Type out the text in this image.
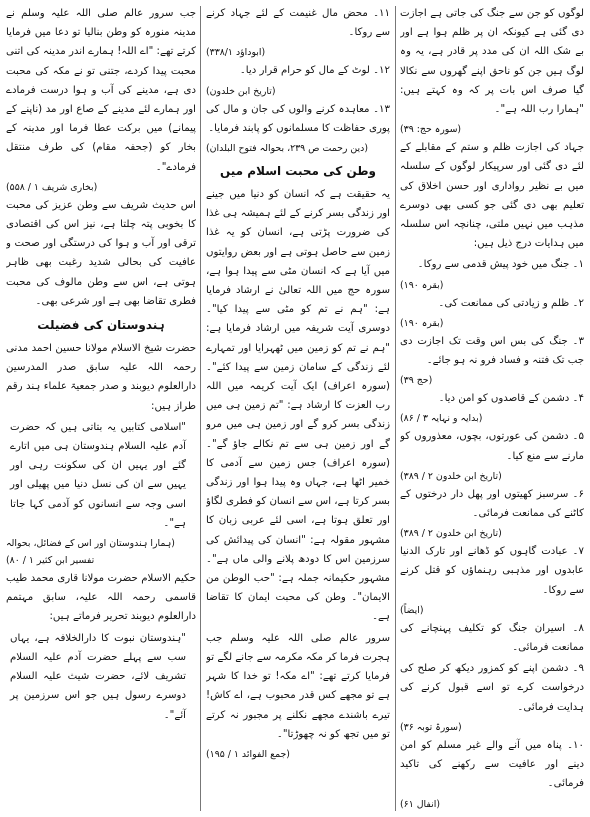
لوگوں کو جن سے جنگ کی جاتی ہے اجازت دی گئی ہے کیونکہ ان پر ظلم ہوا ہے اور بے شک اللہ ان کی مدد پر قادر ہے، یہ وہ لوگ ہیں جن کو ناحق اپنے گھروں سے نکالا گیا صرف اس بات پر کہ وہ کہتے ہیں: "ہمارا رب اللہ ہے"۔

(سورہ حج: ۳۹)

جہاد کی اجازت ظلم و ستم کے مقابلے کے لئے دی گئی اور سرپیکار لوگوں کے سلسلہ میں بے نظیر رواداری اور حسن اخلاق کی تعلیم بھی دی گئی جو کسی بھی دوسرے مذہب میں نہیں ملتی، چنانچہ اس سلسلہ میں ہدایات درج ذیل ہیں:

۱۔ جنگ میں خود پیش قدمی سے روکا۔

(بقرہ ۱۹۰)

۲۔ ظلم و زیادتی کی ممانعت کی۔

(بقرہ ۱۹۰)

۳۔ جنگ کی بس اس وقت تک اجازت دی جب تک فتنہ و فساد فرو نہ ہو جائے۔

(حج ۳۹)

۴۔ دشمن کے قاصدوں کو امن دیا۔

(بدایہ و نہایہ ۳ / ۸۶)

۵۔ دشمن کی عورتوں، بچوں، معذوروں کو مارنے سے منع کیا۔

(تاریخ ابن خلدون ۲ / ۳۸۹)

۶۔ سرسبز کھیتوں اور پھل دار درختوں کے کاٹنے کی ممانعت فرمائی۔

(تاریخ ابن خلدون ۲ / ۳۸۹)

۷۔ عبادت گاہوں کو ڈھانے اور تارک الدنیا عابدوں اور مذہبی رہنماؤں کو قتل کرنے سے روکا۔

(ایضاً)

۸۔ اسیران جنگ کو تکلیف پہنچانے کی ممانعت فرمائی۔

۹۔ دشمن اپنے کو کمزور دیکھ کر صلح کی درخواست کرے تو اسے قبول کرنے کی ہدایت فرمائی۔

(سورۃ توبہ ۳۶)

۱۰۔ پناہ میں آنے والے غیر مسلم کو امن دینے اور عافیت سے رکھنے کی تاکید فرمائی۔

(انفال ۶۱)

۱۱۔ محض مال غنیمت کے لئے جہاد کرنے سے روکا۔

(ابوداؤد ۳۳۸/۱)

۱۲۔ لوٹ کے مال کو حرام قرار دیا۔

(تاریخ ابن خلدون)

۱۳۔ معاہدہ کرنے والوں کی جان و مال کی پوری حفاظت کا مسلمانوں کو پابند فرمایا۔

(دین رحمت ص ۲۳۹، بحوالہ فتوح البلدان)
وطن کی محبت اسلام میں

یہ حقیقت ہے کہ انسان کو دنیا میں جینے اور زندگی بسر کرنے کے لئے ہمیشہ ہی غذا کی ضرورت پڑتی ہے، انسان کو یہ غذا زمین سے حاصل ہوتی ہے اور بعض روایتوں میں آیا ہے کہ انسان مٹی سے پیدا ہوا ہے، سورہ حج میں اللہ تعالیٰ نے ارشاد فرمایا ہے: "ہم نے تم کو مٹی سے پیدا کیا"۔ دوسری آیت شریفہ میں ارشاد فرمایا ہے: "ہم نے تم کو زمین میں ٹھہرایا اور تمہارے لئے زندگی کے سامان زمین سے پیدا کئے"۔ (سورہ اعراف) ایک آیت کریمہ میں اللہ رب العزت کا ارشاد ہے: "تم زمین ہی میں زندگی بسر کرو گے اور زمین ہی میں مرو گے اور زمین ہی سے تم نکالے جاؤ گے"۔ (سورہ اعراف) جس زمین سے آدمی کا خمیر اٹھا ہے، جہاں وہ پیدا ہوا اور زندگی بسر کرتا ہے، اس سے انسان کو فطری لگاؤ اور تعلق ہوتا ہے، اسی لئے عربی زبان کا مشہور مقولہ ہے: "انسان کی پیدائش کی سرزمین اس کا دودھ پلانے والی ماں ہے"۔ مشہور حکیمانہ جملہ ہے: "حب الوطن من الایمان"۔ وطن کی محبت ایمان کا تقاضا ہے۔

سرور عالم صلی اللہ علیہ وسلم جب ہجرت فرما کر مکہ مکرمہ سے جانے لگے تو فرمایا کرتے تھے: "اے مکہ! تو خدا کا شہر ہے تو مجھے کس قدر محبوب ہے، اے کاش! تیرے باشندے مجھے نکلنے پر مجبور نہ کرتے تو میں تجھ کو نہ چھوڑتا"۔

(جمع الفوائد ۱ / ۱۹۵)

جب سرور عالم صلی اللہ علیہ وسلم نے مدینہ منورہ کو وطن بنالیا تو دعا میں فرمایا کرتے تھے: "اے اللہ! ہمارے اندر مدینہ کی اتنی محبت پیدا کردے، جتنی تو نے مکہ کی محبت دی ہے، مدینے کی آب و ہوا درست فرمادے اور ہمارے لئے مدینے کے صاع اور مد (ناپنے کے پیمانے) میں برکت عطا فرما اور مدینہ کے بخار کو (جحفہ مقام) کی طرف منتقل فرمادے"۔

(بخاری شریف ۱ / ۵۵۸)

اس حدیث شریف سے وطن عزیز کی محبت کا بخوبی پتہ چلتا ہے، نیز اس کی اقتصادی ترقی اور آب و ہوا کی درستگی اور صحت و عافیت کی بحالی شدید رغبت بھی ظاہر ہوتی ہے، اس سے وطن مالوف کی محبت فطری تقاضا بھی ہے اور شرعی بھی۔

ہندوستان کی فضیلت

حضرت شیخ الاسلام مولانا حسین احمد مدنی رحمہ اللہ علیہ سابق صدر المدرسین دارالعلوم دیوبند و صدر جمعیۃ علماء ہند رقم طراز ہیں:

"اسلامی کتابیں یہ بتاتی ہیں کہ حضرت آدم علیہ السلام ہندوستان ہی میں اتارے گئے اور یہیں ان کی سکونت رہی اور یہیں سے ان کی نسل دنیا میں پھیلی اور اسی وجہ سے انسانوں کو آدمی کہا جاتا ہے"۔

(ہمارا ہندوستان اور اس کے فضائل، بحوالہ تفسیر ابن کثیر ۱ / ۸۰)

حکیم الاسلام حضرت مولانا قاری محمد طیب قاسمی رحمہ اللہ علیہ، سابق مہتمم دارالعلوم دیوبند تحریر فرماتے ہیں:

"ہندوستان نبوت کا دارالخلافہ ہے، یہاں سب سے پہلے حضرت آدم علیہ السلام تشریف لائے، حضرت شیث علیہ السلام دوسرے رسول ہیں جو اس سرزمین پر آئے"۔
